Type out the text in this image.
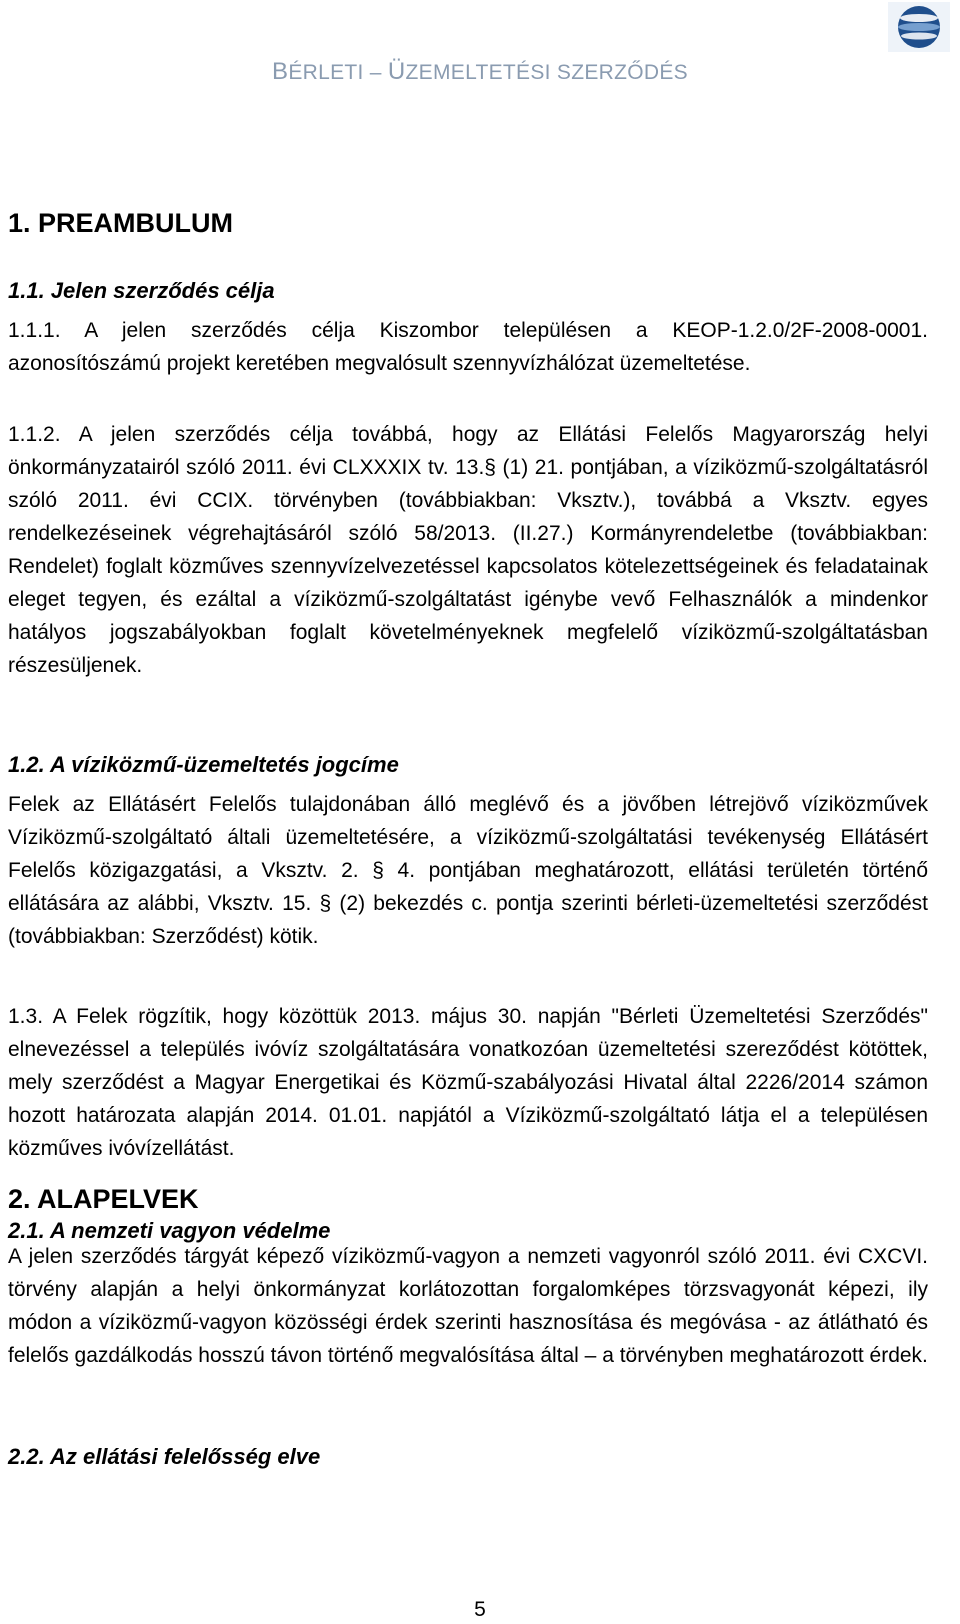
BÉRLETI – ÜZEMELTETÉSI SZERZŐDÉS
1. PREAMBULUM
1.1. Jelen szerződés célja
1.1.1. A jelen szerződés célja Kiszombor településen a KEOP-1.2.0/2F-2008-0001. azonosítószámú projekt keretében megvalósult szennyvízhálózat üzemeltetése.
1.1.2. A jelen szerződés célja továbbá, hogy az Ellátási Felelős Magyarország helyi önkormányzatairól szóló 2011. évi CLXXXIX tv. 13.§ (1) 21. pontjában, a víziközmű-szolgáltatásról szóló 2011. évi CCIX. törvényben (továbbiakban: Vksztv.), továbbá a Vksztv. egyes rendelkezéseinek végrehajtásáról szóló 58/2013. (II.27.) Kormányrendeletbe (továbbiakban: Rendelet) foglalt közműves szennyvízelvezetéssel kapcsolatos kötelezettségeinek és feladatainak eleget tegyen, és ezáltal a víziközmű-szolgáltatást igénybe vevő Felhasználók a mindenkor hatályos jogszabályokban foglalt követelményeknek megfelelő víziközmű-szolgáltatásban részesüljenek.
1.2. A víziközmű-üzemeltetés jogcíme
Felek az Ellátásért Felelős tulajdonában álló meglévő és a jövőben létrejövő víziközművek Víziközmű-szolgáltató általi üzemeltetésére, a víziközmű-szolgáltatási tevékenység Ellátásért Felelős közigazgatási, a Vksztv. 2. § 4. pontjában meghatározott, ellátási területén történő ellátására az alábbi, Vksztv. 15. § (2) bekezdés c. pontja szerinti bérleti-üzemeltetési szerződést (továbbiakban: Szerződést) kötik.
1.3. A Felek rögzítik, hogy közöttük 2013. május 30. napján "Bérleti Üzemeltetési Szerződés" elnevezéssel a település ivóvíz szolgáltatására vonatkozóan üzemeltetési szereződést kötöttek, mely szerződést a Magyar Energetikai és Közmű-szabályozási Hivatal által 2226/2014 számon hozott határozata alapján 2014. 01.01. napjától a Víziközmű-szolgáltató látja el a településen közműves ivóvízellátást.
2. ALAPELVEK
2.1. A nemzeti vagyon védelme
A jelen szerződés tárgyát képező víziközmű-vagyon a nemzeti vagyonról szóló 2011. évi CXCVI. törvény alapján a helyi önkormányzat korlátozottan forgalomképes törzsvagyonát képezi, ily módon a víziközmű-vagyon közösségi érdek szerinti hasznosítása és megóvása - az átlátható és felelős gazdálkodás hosszú távon történő megvalósítása által – a törvényben meghatározott érdek.
2.2. Az ellátási felelősség elve
5
